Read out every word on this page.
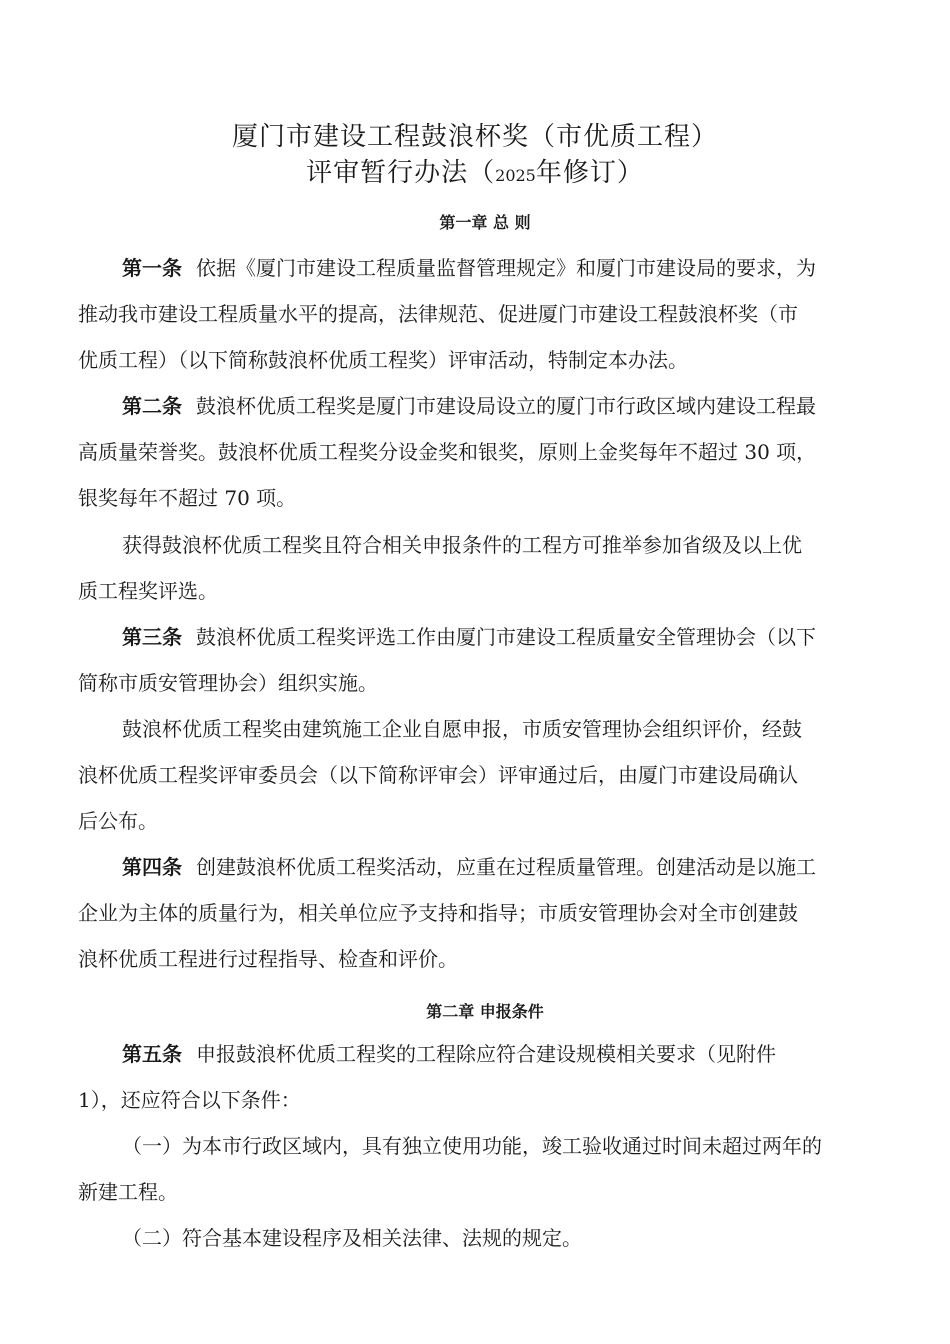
厦门市建设工程鼓浪杯奖（市优质工程）
评审暂行办法（2025年修订）
第一章 总 则
第一条 依据《厦门市建设工程质量监督管理规定》和厦门市建设局的要求，为
推动我市建设工程质量水平的提高，法律规范、促进厦门市建设工程鼓浪杯奖（市
优质工程）（以下简称鼓浪杯优质工程奖）评审活动，特制定本办法。
第二条 鼓浪杯优质工程奖是厦门市建设局设立的厦门市行政区域内建设工程最
高质量荣誉奖。鼓浪杯优质工程奖分设金奖和银奖，原则上金奖每年不超过 30 项，
银奖每年不超过 70 项。
获得鼓浪杯优质工程奖且符合相关申报条件的工程方可推举参加省级及以上优
质工程奖评选。
第三条 鼓浪杯优质工程奖评选工作由厦门市建设工程质量安全管理协会（以下
简称市质安管理协会）组织实施。
鼓浪杯优质工程奖由建筑施工企业自愿申报，市质安管理协会组织评价，经鼓
浪杯优质工程奖评审委员会（以下简称评审会）评审通过后，由厦门市建设局确认
后公布。
第四条 创建鼓浪杯优质工程奖活动，应重在过程质量管理。创建活动是以施工
企业为主体的质量行为，相关单位应予支持和指导；市质安管理协会对全市创建鼓
浪杯优质工程进行过程指导、检查和评价。
第二章 申报条件
第五条 申报鼓浪杯优质工程奖的工程除应符合建设规模相关要求（见附件
1），还应符合以下条件：
（一）为本市行政区域内，具有独立使用功能，竣工验收通过时间未超过两年的
新建工程。
（二）符合基本建设程序及相关法律、法规的规定。
